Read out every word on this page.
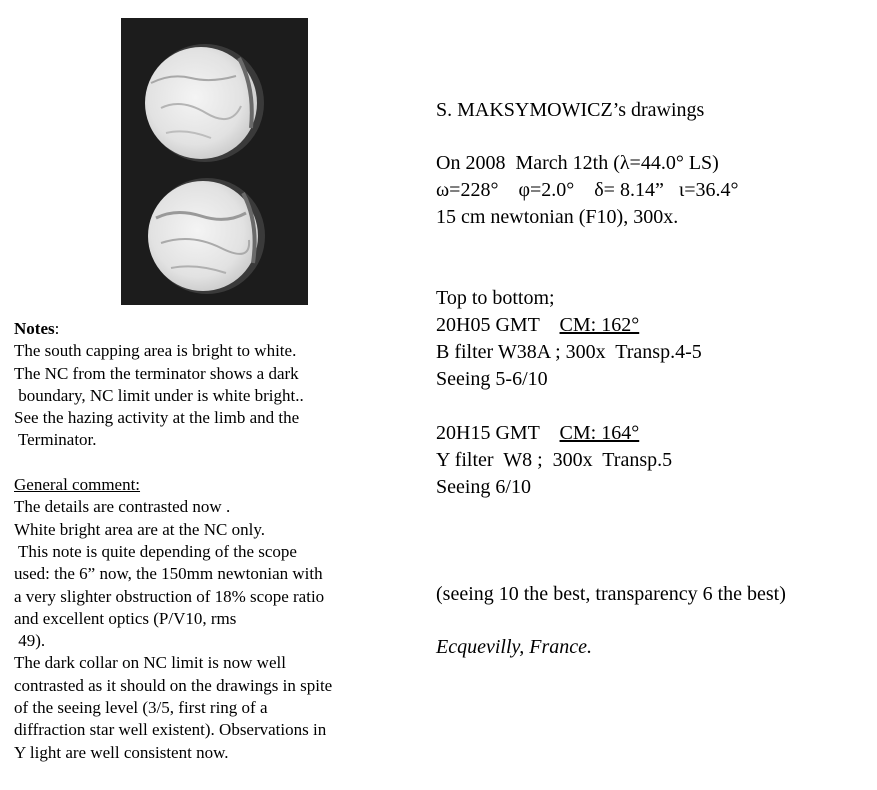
S. MAKSYMOWICZ’s drawings
On 2008  March 12th (λ=44.0° LS)
ω=228°    φ=2.0°    δ= 8.14”   ι=36.4°
15 cm newtonian (F10), 300x.
Top to bottom;
20H05 GMT CM: 162°
B filter W38A ; 300x  Transp.4-5
Seeing 5-6/10
20H15 GMT CM: 164°
Y filter  W8 ;  300x  Transp.5
Seeing 6/10
(seeing 10 the best, transparency 6 the best)
Ecquevilly, France.
Notes:
The south capping area is bright to white.
The NC from the terminator shows a dark
boundary, NC limit under is white bright..
See the hazing activity at the limb and the
Terminator.
General comment:
The details are contrasted now .
White bright area are at the NC only.
This note is quite depending of the scope
used: the 6” now, the 150mm newtonian with
a very slighter obstruction of 18% scope ratio
and excellent optics (P/V10, rms
49).
The dark collar on NC limit is now well
contrasted as it should on the drawings in spite
of the seeing level (3/5, first ring of a
diffraction star well existent). Observations in
Y light are well consistent now.
